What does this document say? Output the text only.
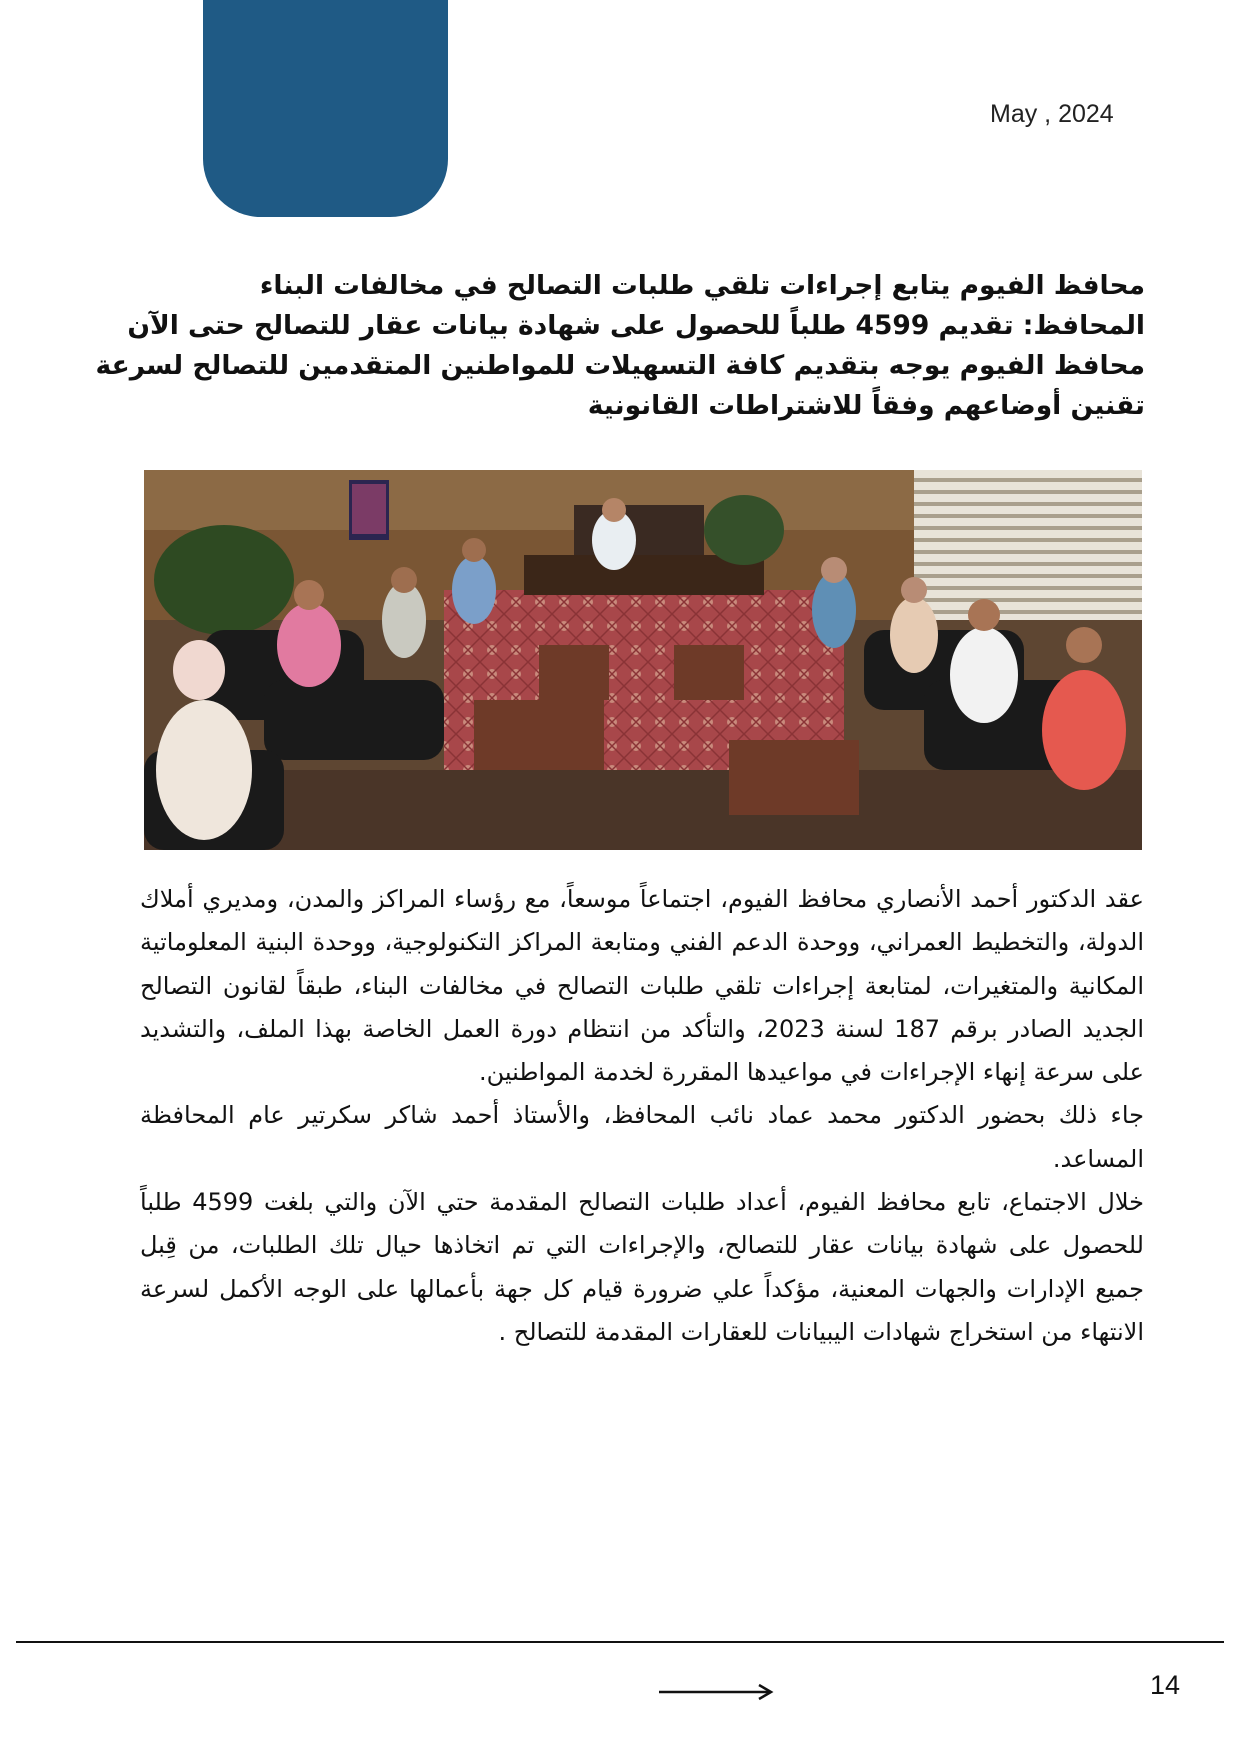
May , 2024
محافظ الفيوم يتابع إجراءات تلقي طلبات التصالح في مخالفات البناء
المحافظ: تقديم 4599 طلباً للحصول على شهادة بيانات عقار للتصالح حتى الآن
محافظ الفيوم يوجه بتقديم كافة التسهيلات للمواطنين المتقدمين للتصالح لسرعة
تقنين أوضاعهم وفقاً للاشتراطات القانونية

عقد الدكتور أحمد الأنصاري محافظ الفيوم، اجتماعاً موسعاً، مع رؤساء المراكز والمدن، ومديري أملاك الدولة، والتخطيط العمراني، ووحدة الدعم الفني ومتابعة المراكز التكنولوجية، ووحدة البنية المعلوماتية المكانية والمتغيرات، لمتابعة إجراءات تلقي طلبات التصالح في مخالفات البناء، طبقاً لقانون التصالح الجديد الصادر برقم 187 لسنة 2023، والتأكد من انتظام دورة العمل الخاصة بهذا الملف، والتشديد على سرعة إنهاء الإجراءات في مواعيدها المقررة لخدمة المواطنين.

جاء ذلك بحضور الدكتور محمد عماد نائب المحافظ، والأستاذ أحمد شاكر سكرتير عام المحافظة المساعد.

خلال الاجتماع، تابع محافظ الفيوم، أعداد طلبات التصالح المقدمة حتي الآن والتي بلغت 4599 طلباً للحصول على شهادة بيانات عقار للتصالح، والإجراءات التي تم اتخاذها حيال تلك الطلبات، من قِبل جميع الإدارات والجهات المعنية، مؤكداً علي ضرورة قيام كل جهة بأعمالها على الوجه الأكمل لسرعة الانتهاء من استخراج شهادات اليبيانات للعقارات المقدمة للتصالح .

14
